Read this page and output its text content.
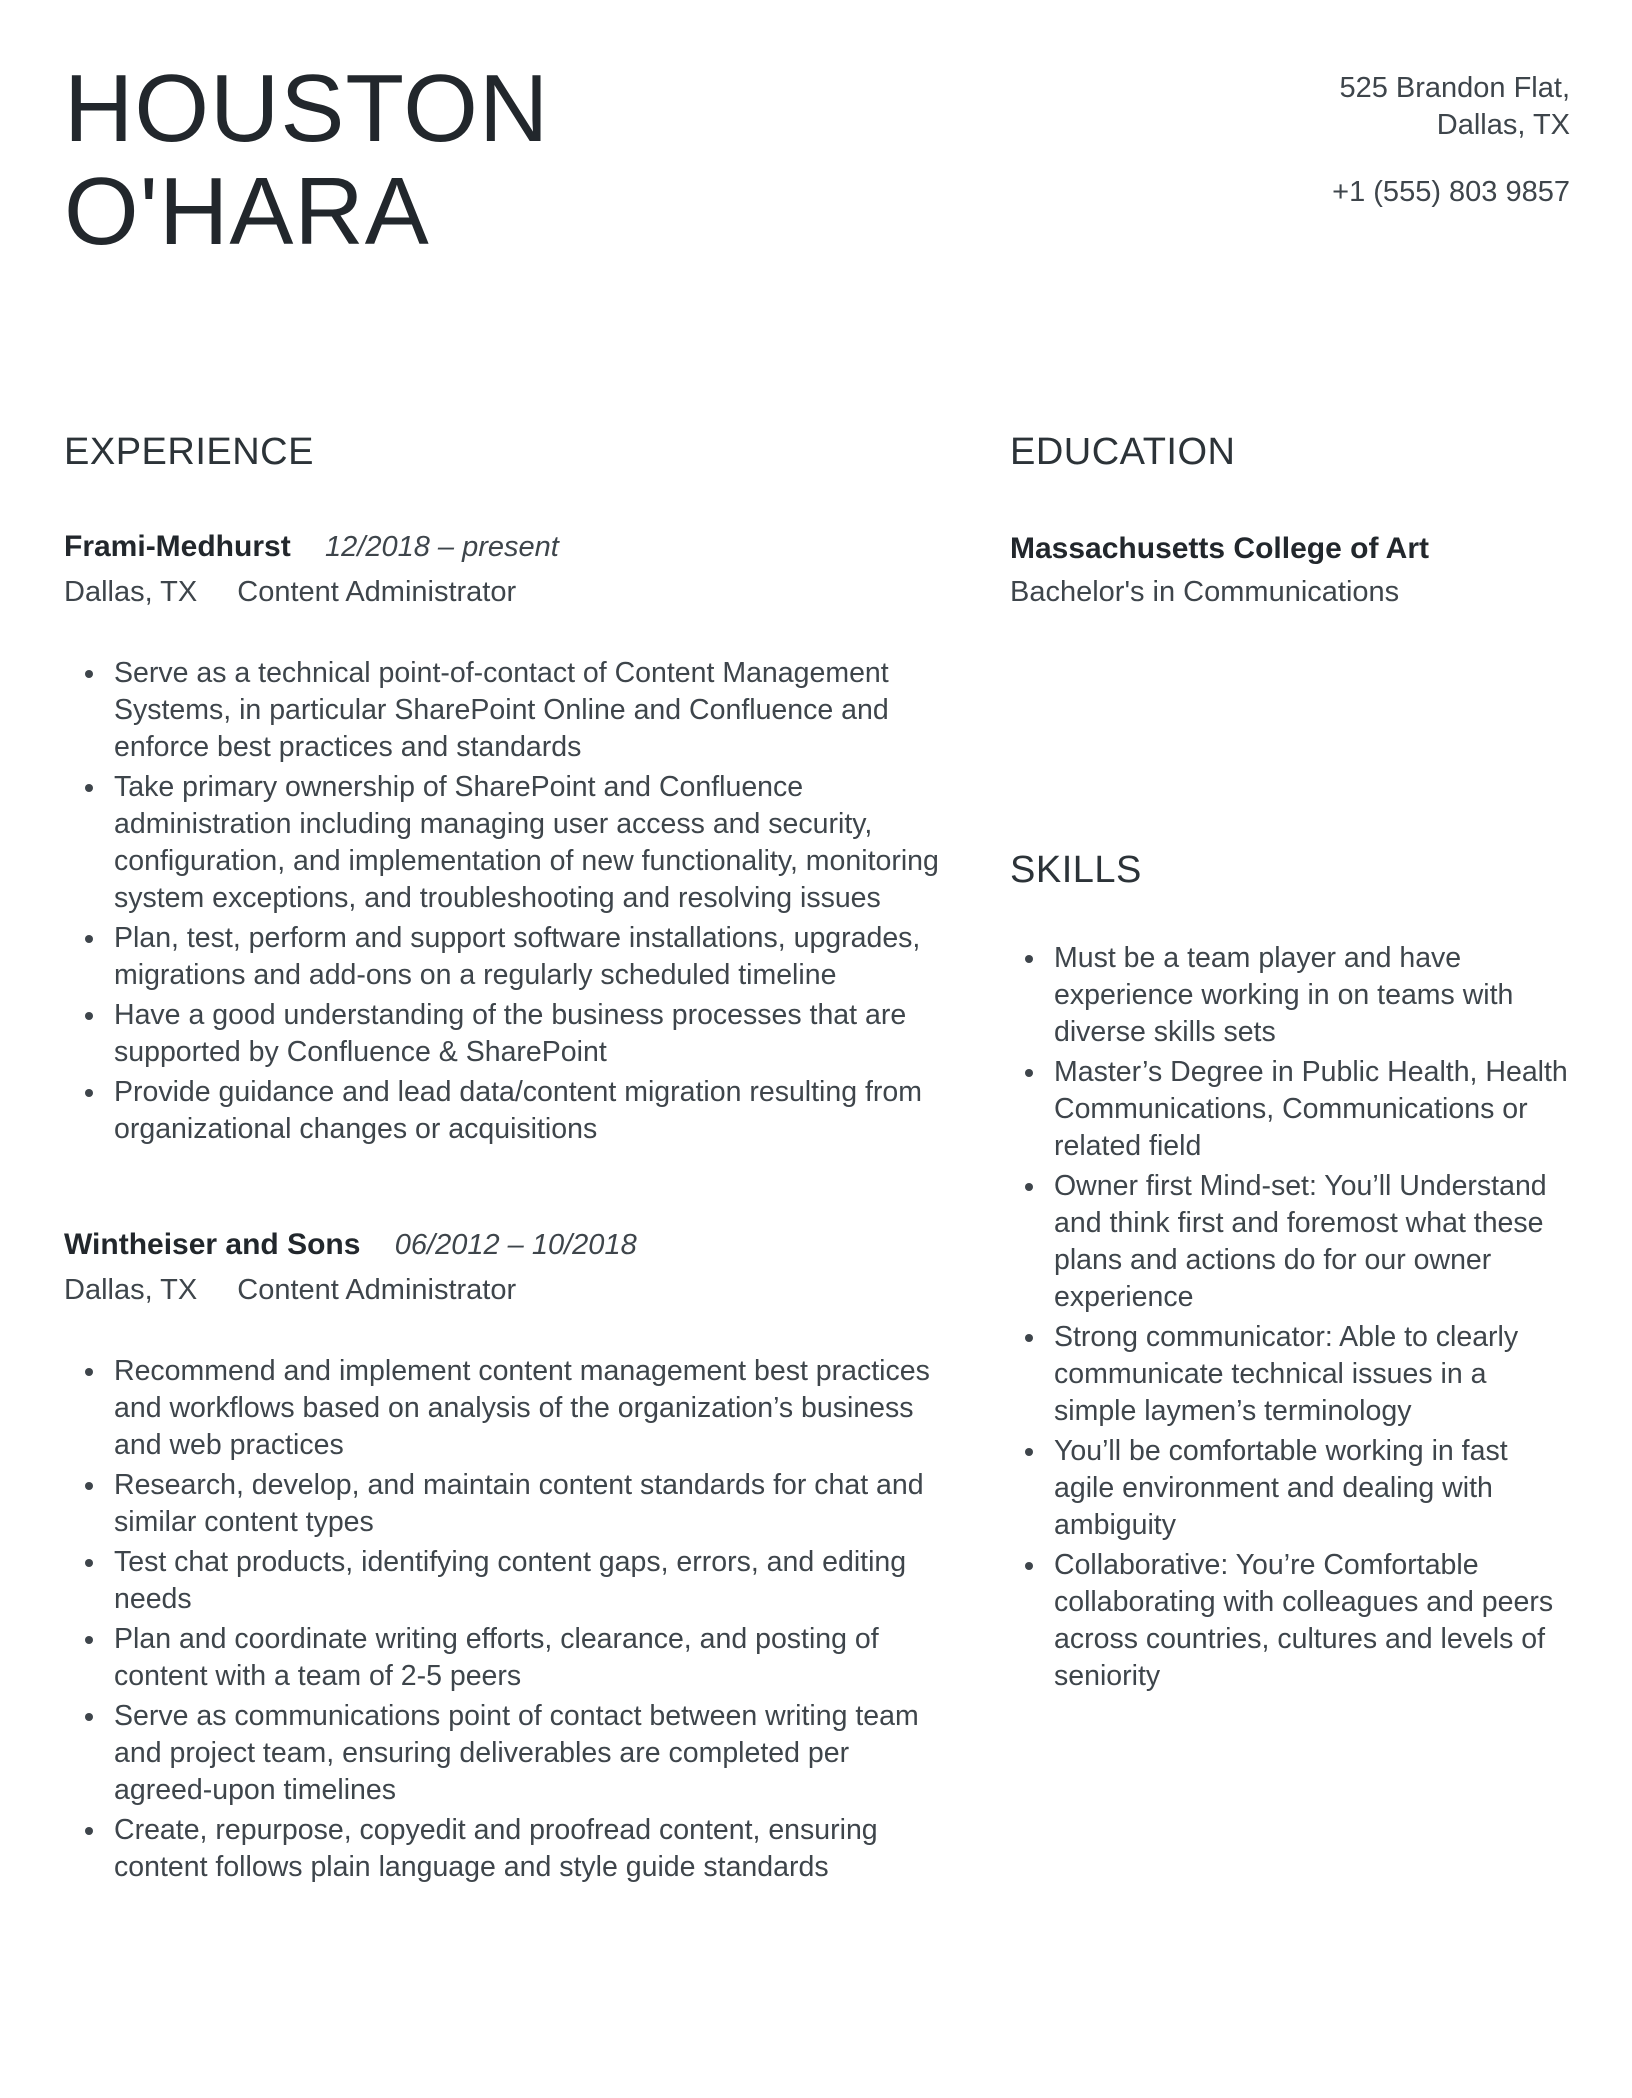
HOUSTON
O'HARA
525 Brandon Flat,
Dallas, TX
+1 (555) 803 9857
EXPERIENCE
Frami-Medhurst 12/2018 – present
Dallas, TX Content Administrator
• Serve as a technical point-of-contact of Content Management Systems, in particular SharePoint Online and Confluence and enforce best practices and standards
• Take primary ownership of SharePoint and Confluence administration including managing user access and security, configuration, and implementation of new functionality, monitoring system exceptions, and troubleshooting and resolving issues
• Plan, test, perform and support software installations, upgrades, migrations and add-ons on a regularly scheduled timeline
• Have a good understanding of the business processes that are supported by Confluence & SharePoint
• Provide guidance and lead data/content migration resulting from organizational changes or acquisitions
Wintheiser and Sons 06/2012 – 10/2018
Dallas, TX Content Administrator
• Recommend and implement content management best practices and workflows based on analysis of the organization’s business and web practices
• Research, develop, and maintain content standards for chat and similar content types
• Test chat products, identifying content gaps, errors, and editing needs
• Plan and coordinate writing efforts, clearance, and posting of content with a team of 2-5 peers
• Serve as communications point of contact between writing team and project team, ensuring deliverables are completed per agreed-upon timelines
• Create, repurpose, copyedit and proofread content, ensuring content follows plain language and style guide standards
EDUCATION
Massachusetts College of Art
Bachelor's in Communications
SKILLS
• Must be a team player and have experience working in on teams with diverse skills sets
• Master’s Degree in Public Health, Health Communications, Communications or related field
• Owner first Mind-set: You’ll Understand and think first and foremost what these plans and actions do for our owner experience
• Strong communicator: Able to clearly communicate technical issues in a simple laymen’s terminology
• You’ll be comfortable working in fast agile environment and dealing with ambiguity
• Collaborative: You’re Comfortable collaborating with colleagues and peers across countries, cultures and levels of seniority
